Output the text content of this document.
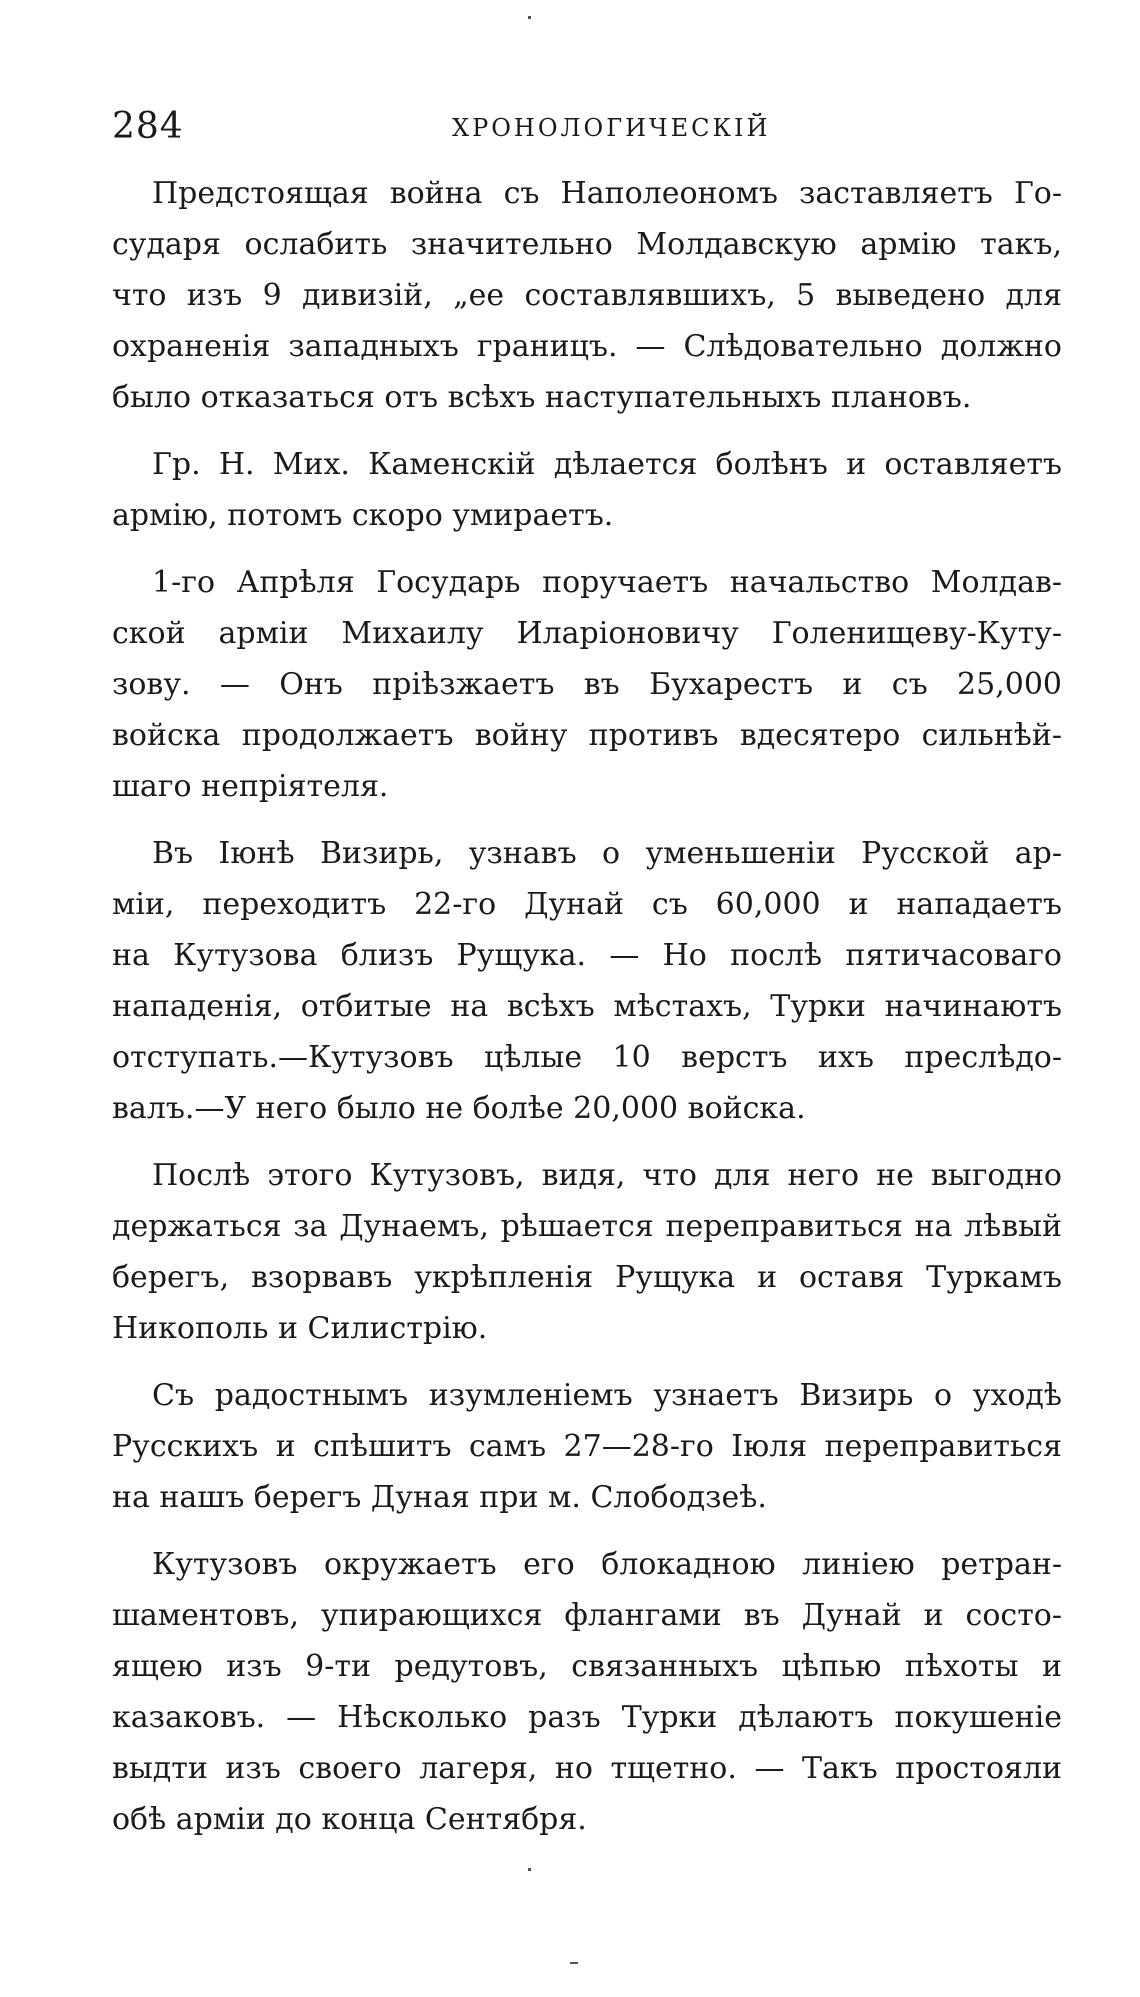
284	ХРОНОЛОГИЧЕСКІЙ

Предстоящая война съ Наполеономъ заставляетъ Го-
сударя ослабить значительно Молдавскую армію такъ,
что изъ 9 дивизій, „ее составлявшихъ, 5 выведено для
охраненія западныхъ границъ. — Слѣдовательно должно
было отказаться отъ всѣхъ наступательныхъ плановъ.

Гр. Н. Мих. Каменскій дѣлается болѣнъ и оставляетъ
армію, потомъ скоро умираетъ.

1-го Апрѣля Государь поручаетъ начальство Молдав-
ской арміи Михаилу Иларіоновичу Голенищеву-Куту-
зову. — Онъ пріѣзжаетъ въ Бухарестъ и съ 25,000
войска продолжаетъ войну противъ вдесятеро сильнѣй-
шаго непріятеля.

Въ Іюнѣ Визирь, узнавъ о уменьшеніи Русской ар-
міи, переходитъ 22-го Дунай съ 60,000 и нападаетъ
на Кутузова близъ Рущука. — Но послѣ пятичасоваго
нападенія, отбитые на всѣхъ мѣстахъ, Турки начинаютъ
отступать.—Кутузовъ цѣлые 10 верстъ ихъ преслѣдо-
валъ.—У него было не болѣе 20,000 войска.

Послѣ этого Кутузовъ, видя, что для него не выгодно
держаться за Дунаемъ, рѣшается переправиться на лѣвый
берегъ, взорвавъ укрѣпленія Рущука и оставя Туркамъ
Никополь и Силистрію.

Съ радостнымъ изумленіемъ узнаетъ Визирь о уходѣ
Русскихъ и спѣшитъ самъ 27—28-го Іюля переправиться
на нашъ берегъ Дуная при м. Слободзеѣ.

Кутузовъ окружаетъ его блокадною линіею ретран-
шаментовъ, упирающихся флангами въ Дунай и состо-
ящею изъ 9-ти редутовъ, связанныхъ цѣпью пѣхоты и
казаковъ. — Нѣсколько разъ Турки дѣлаютъ покушеніе
выдти изъ своего лагеря, но тщетно. — Такъ простояли
обѣ арміи до конца Сентября.
